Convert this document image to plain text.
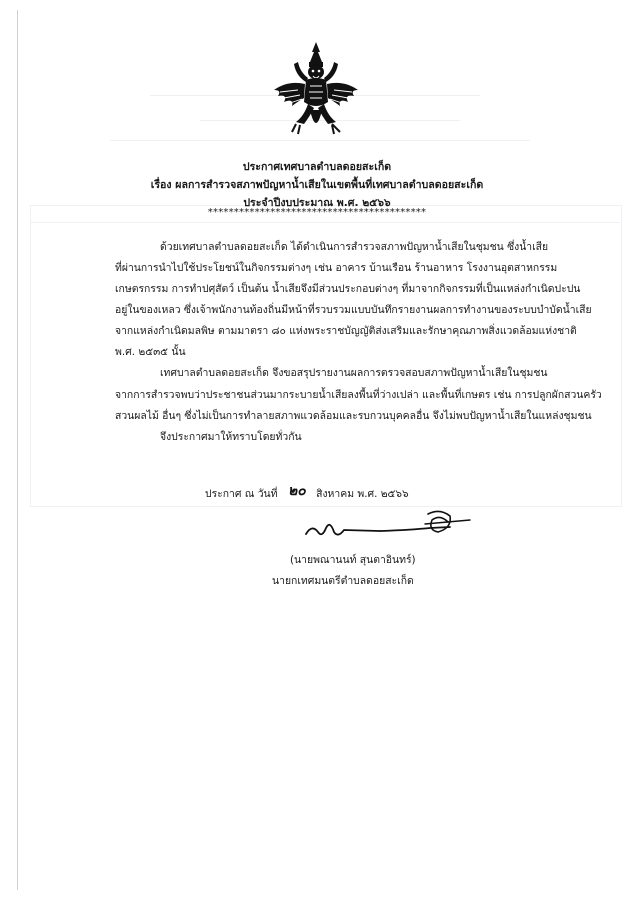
ประกาศเทศบาลตำบลดอยสะเก็ด
เรื่อง ผลการสำรวจสภาพปัญหาน้ำเสียในเขตพื้นที่เทศบาลตำบลดอยสะเก็ด
ประจำปีงบประมาณ พ.ศ. ๒๕๖๖
******************************************
ด้วยเทศบาลตำบลดอยสะเก็ด ได้ดำเนินการสำรวจสภาพปัญหาน้ำเสียในชุมชน ซึ่งน้ำเสีย
ที่ผ่านการนำไปใช้ประโยชน์ในกิจกรรมต่างๆ เช่น อาคาร บ้านเรือน ร้านอาหาร โรงงานอุตสาหกรรม
เกษตรกรรม การทำปศุสัตว์ เป็นต้น น้ำเสียจึงมีส่วนประกอบต่างๆ ที่มาจากกิจกรรมที่เป็นแหล่งกำเนิดปะปน
อยู่ในของเหลว ซึ่งเจ้าพนักงานท้องถิ่นมีหน้าที่รวบรวมแบบบันทึกรายงานผลการทำงานของระบบบำบัดน้ำเสีย
จากแหล่งกำเนิดมลพิษ ตามมาตรา ๘๐ แห่งพระราชบัญญัติส่งเสริมและรักษาคุณภาพสิ่งแวดล้อมแห่งชาติ
พ.ศ. ๒๕๓๕ นั้น
เทศบาลตำบลดอยสะเก็ด จึงขอสรุปรายงานผลการตรวจสอบสภาพปัญหาน้ำเสียในชุมชน
จากการสำรวจพบว่าประชาชนส่วนมากระบายน้ำเสียลงพื้นที่ว่างเปล่า และพื้นที่เกษตร เช่น การปลูกผักสวนครัว
สวนผลไม้ อื่นๆ ซึ่งไม่เป็นการทำลายสภาพแวดล้อมและรบกวนบุคคลอื่น จึงไม่พบปัญหาน้ำเสียในแหล่งชุมชน
จึงประกาศมาให้ทราบโดยทั่วกัน
ประกาศ ณ วันที่ ๒๐ สิงหาคม พ.ศ. ๒๕๖๖
(นายพณานนท์ สุนตาอินทร์)
นายกเทศมนตรีตำบลดอยสะเก็ด
